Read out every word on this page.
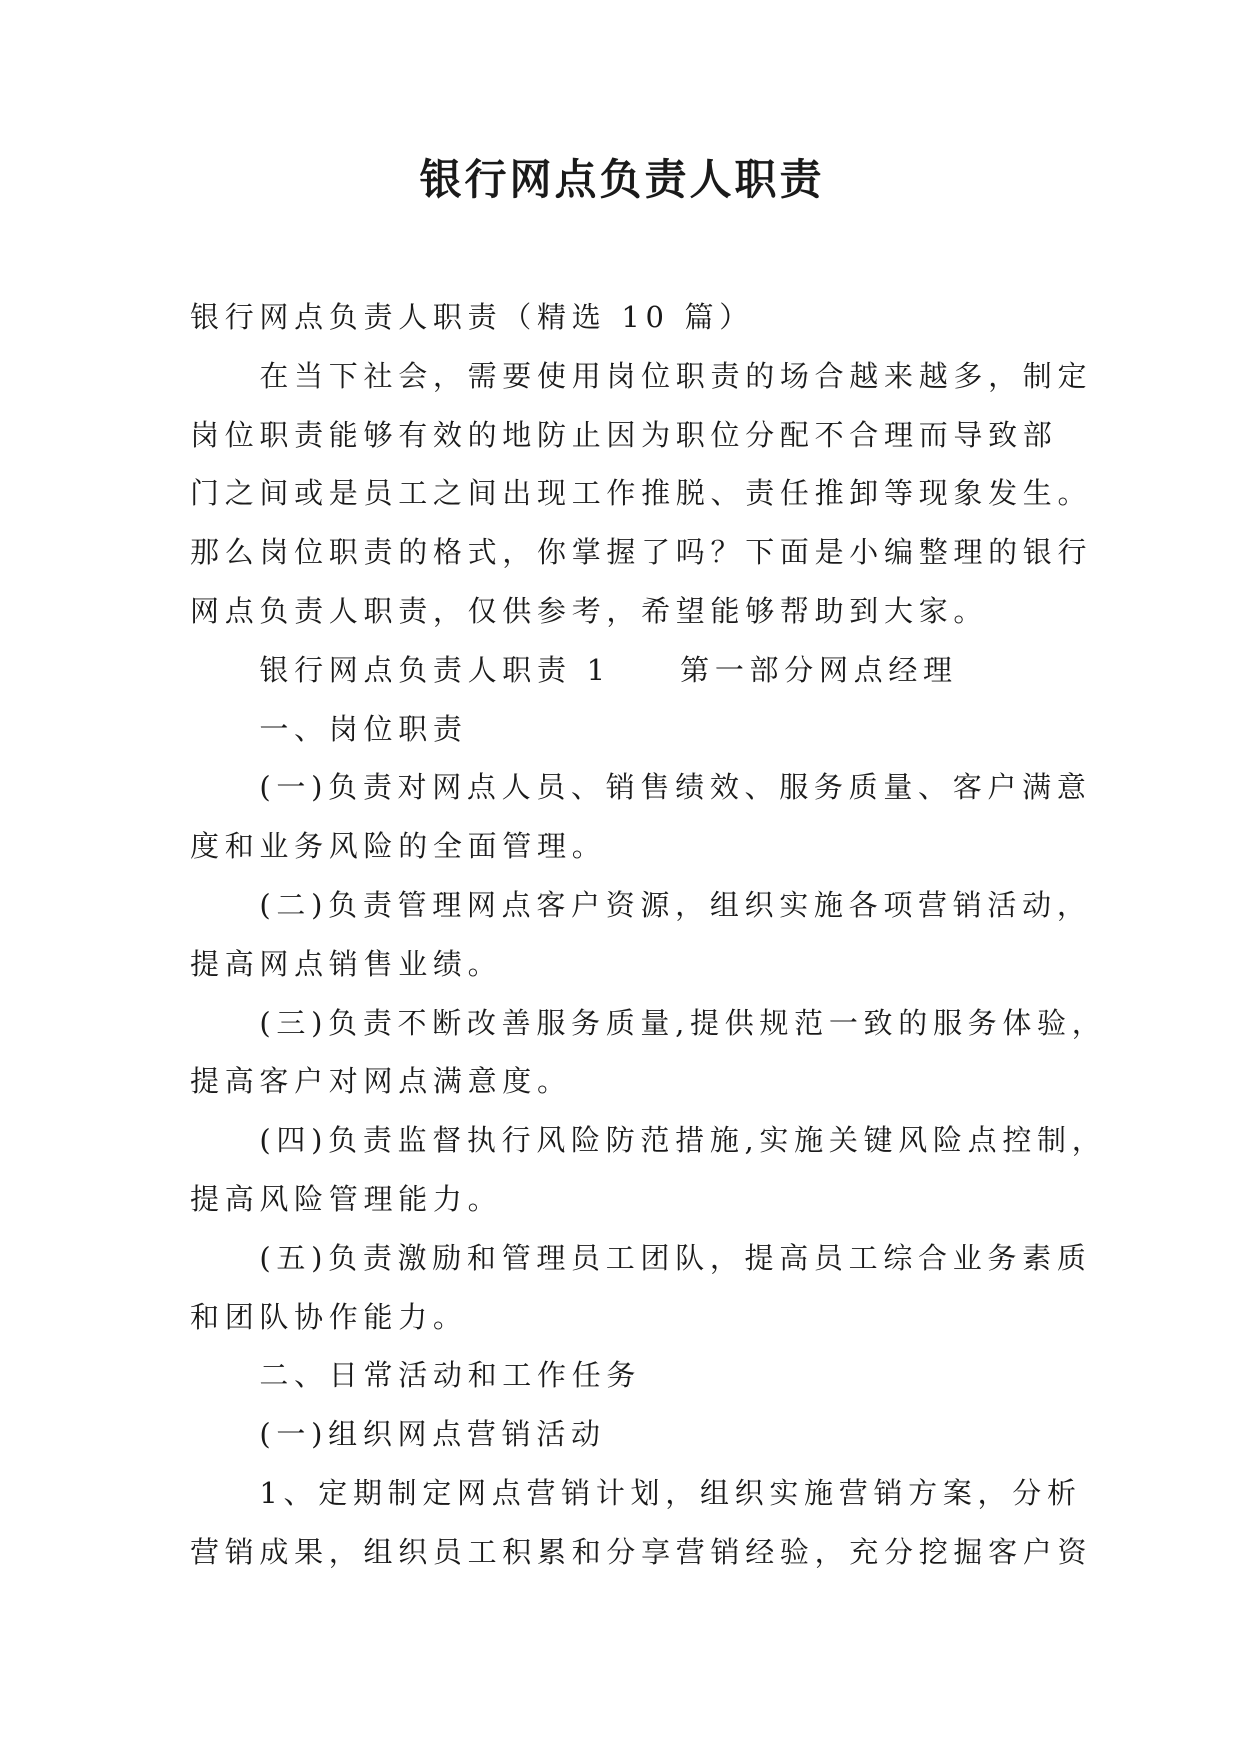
银行网点负责人职责
银行网点负责人职责（精选 10 篇）
在当下社会，需要使用岗位职责的场合越来越多，制定
岗位职责能够有效的地防止因为职位分配不合理而导致部
门之间或是员工之间出现工作推脱、责任推卸等现象发生。
那么岗位职责的格式，你掌握了吗？下面是小编整理的银行
网点负责人职责，仅供参考，希望能够帮助到大家。
银行网点负责人职责 1　　第一部分网点经理
一、岗位职责
(一)负责对网点人员、销售绩效、服务质量、客户满意
度和业务风险的全面管理。
(二)负责管理网点客户资源，组织实施各项营销活动，
提高网点销售业绩。
(三)负责不断改善服务质量,提供规范一致的服务体验，
提高客户对网点满意度。
(四)负责监督执行风险防范措施,实施关键风险点控制，
提高风险管理能力。
(五)负责激励和管理员工团队，提高员工综合业务素质
和团队协作能力。
二、日常活动和工作任务
(一)组织网点营销活动
1、定期制定网点营销计划，组织实施营销方案，分析
营销成果，组织员工积累和分享营销经验，充分挖掘客户资
